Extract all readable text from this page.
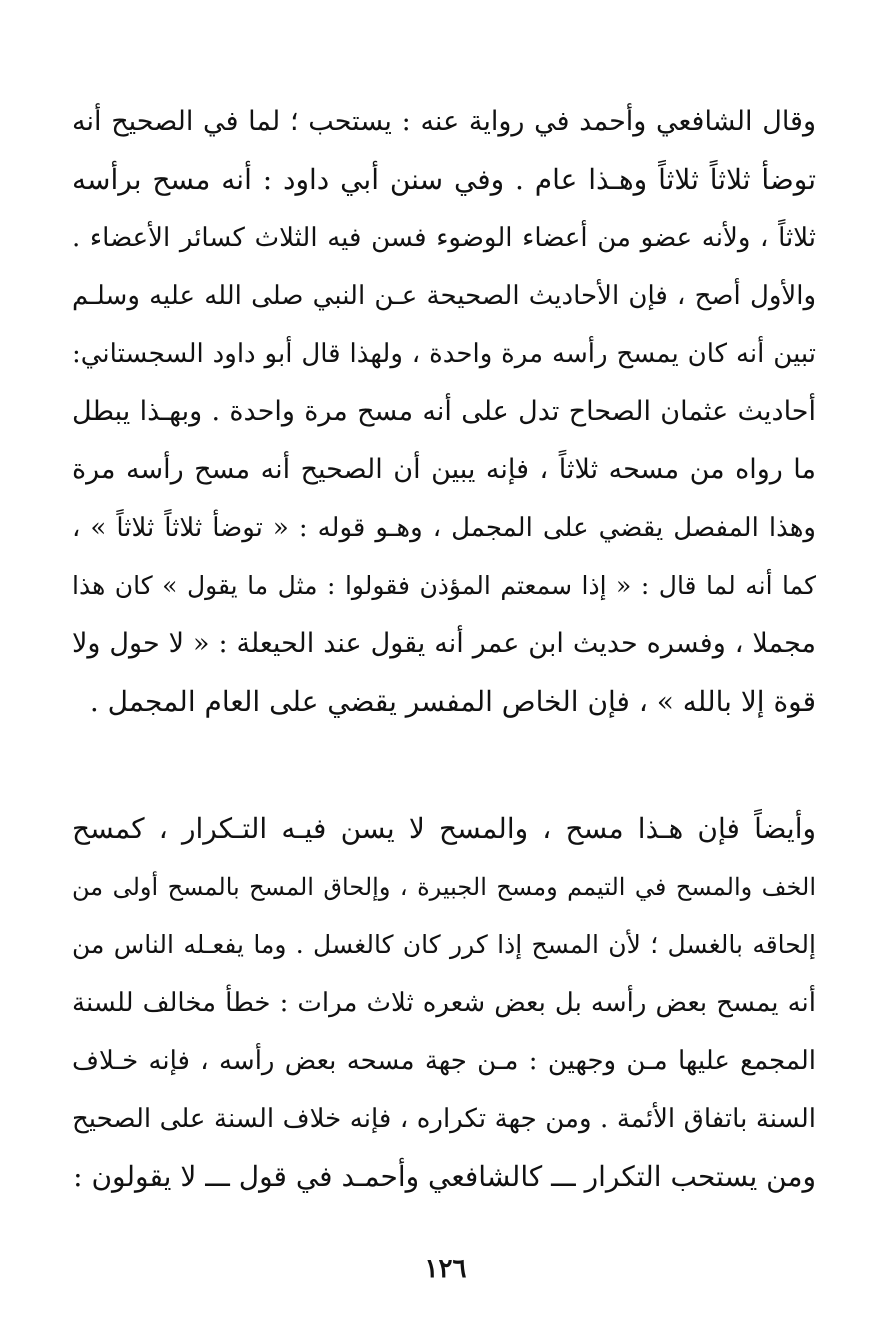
وقال الشافعي وأحمد في رواية عنه : يستحب ؛ لما في الصحيح أنه
توضأ ثلاثاً ثلاثاً وهـذا عام . وفي سنن أبي داود : أنه مسح برأسه
ثلاثاً ، ولأنه عضو من أعضاء الوضوء فسن فيه الثلاث كسائر الأعضاء .
والأول أصح ، فإن الأحاديث الصحيحة عـن النبي صلى الله عليه وسلـم
تبين أنه كان يمسح رأسه مرة واحدة ، ولهذا قال أبو داود السجستاني:
أحاديث عثمان الصحاح تدل على أنه مسح مرة واحدة . وبهـذا يبطل
ما رواه من مسحه ثلاثاً ، فإنه يبين أن الصحيح أنه مسح رأسه مرة
وهذا المفصل يقضي على المجمل ، وهـو قوله : « توضأ ثلاثاً ثلاثاً » ،
كما أنه لما قال : « إذا سمعتم المؤذن فقولوا : مثل ما يقول » كان هذا
مجملا ، وفسره حديث ابن عمر أنه يقول عند الحيعلة : « لا حول ولا
قوة إلا بالله » ، فإن الخاص المفسر يقضي على العام المجمل .
وأيضاً فإن هـذا مسح ، والمسح لا يسن فيـه التـكرار ، كمسح
الخف والمسح في التيمم ومسح الجبيرة ، وإلحاق المسح بالمسح أولى من
إلحاقه بالغسل ؛ لأن المسح إذا كرر كان كالغسل . وما يفعـله الناس من
أنه يمسح بعض رأسه بل بعض شعره ثلاث مرات : خطأ مخالف للسنة
المجمع عليها مـن وجهين : مـن جهة مسحه بعض رأسه ، فإنه خـلاف
السنة باتفاق الأئمة . ومن جهة تكراره ، فإنه خلاف السنة على الصحيح
ومن يستحب التكرار ـــ كالشافعي وأحمـد في قول ـــ لا يقولون :
١٢٦
